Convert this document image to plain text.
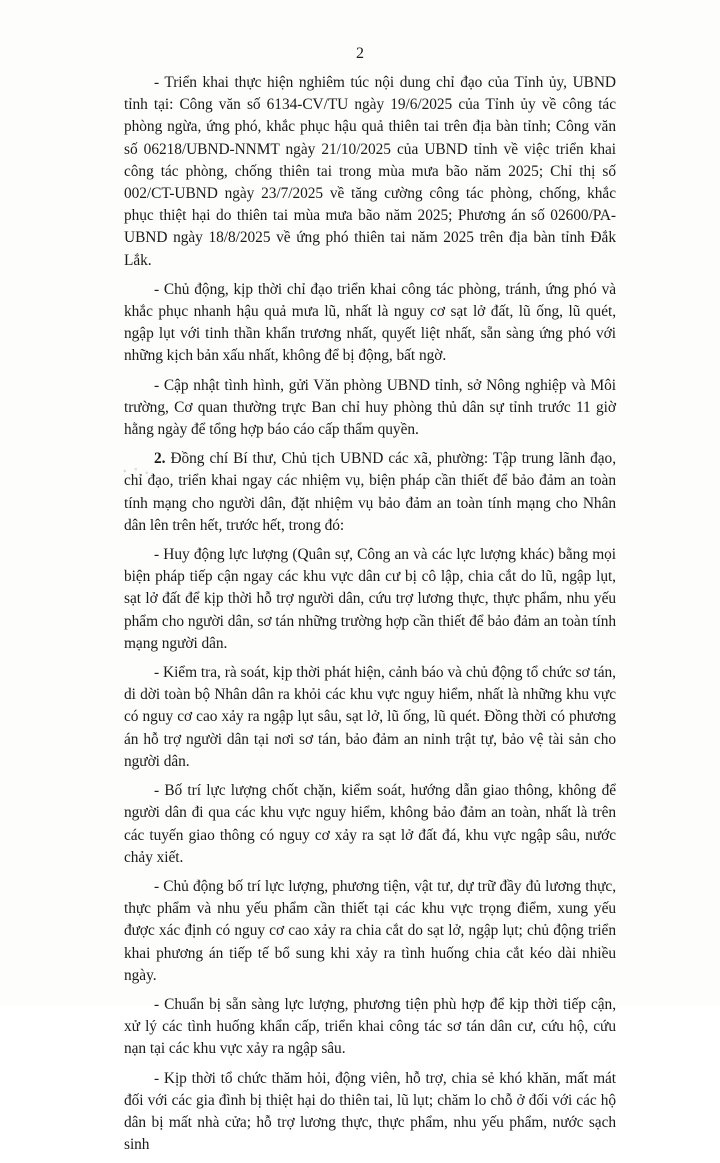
2

- Triển khai thực hiện nghiêm túc nội dung chỉ đạo của Tỉnh ủy, UBND tỉnh tại: Công văn số 6134-CV/TU ngày 19/6/2025 của Tỉnh ủy về công tác phòng ngừa, ứng phó, khắc phục hậu quả thiên tai trên địa bàn tỉnh; Công văn số 06218/UBND-NNMT ngày 21/10/2025 của UBND tỉnh về việc triển khai công tác phòng, chống thiên tai trong mùa mưa bão năm 2025; Chỉ thị số 002/CT-UBND ngày 23/7/2025 về tăng cường công tác phòng, chống, khắc phục thiệt hại do thiên tai mùa mưa bão năm 2025; Phương án số 02600/PA-UBND ngày 18/8/2025 về ứng phó thiên tai năm 2025 trên địa bàn tỉnh Đắk Lắk.

- Chủ động, kịp thời chỉ đạo triển khai công tác phòng, tránh, ứng phó và khắc phục nhanh hậu quả mưa lũ, nhất là nguy cơ sạt lở đất, lũ ống, lũ quét, ngập lụt với tinh thần khẩn trương nhất, quyết liệt nhất, sẵn sàng ứng phó với những kịch bản xấu nhất, không để bị động, bất ngờ.

- Cập nhật tình hình, gửi Văn phòng UBND tỉnh, sở Nông nghiệp và Môi trường, Cơ quan thường trực Ban chỉ huy phòng thủ dân sự tỉnh trước 11 giờ hằng ngày để tổng hợp báo cáo cấp thẩm quyền.

2. Đồng chí Bí thư, Chủ tịch UBND các xã, phường: Tập trung lãnh đạo, chỉ đạo, triển khai ngay các nhiệm vụ, biện pháp cần thiết để bảo đảm an toàn tính mạng cho người dân, đặt nhiệm vụ bảo đảm an toàn tính mạng cho Nhân dân lên trên hết, trước hết, trong đó:

- Huy động lực lượng (Quân sự, Công an và các lực lượng khác) bằng mọi biện pháp tiếp cận ngay các khu vực dân cư bị cô lập, chia cắt do lũ, ngập lụt, sạt lở đất để kịp thời hỗ trợ người dân, cứu trợ lương thực, thực phẩm, nhu yếu phẩm cho người dân, sơ tán những trường hợp cần thiết để bảo đảm an toàn tính mạng người dân.

- Kiểm tra, rà soát, kịp thời phát hiện, cảnh báo và chủ động tổ chức sơ tán, di dời toàn bộ Nhân dân ra khỏi các khu vực nguy hiểm, nhất là những khu vực có nguy cơ cao xảy ra ngập lụt sâu, sạt lở, lũ ống, lũ quét. Đồng thời có phương án hỗ trợ người dân tại nơi sơ tán, bảo đảm an ninh trật tự, bảo vệ tài sản cho người dân.

- Bố trí lực lượng chốt chặn, kiểm soát, hướng dẫn giao thông, không để người dân đi qua các khu vực nguy hiểm, không bảo đảm an toàn, nhất là trên các tuyến giao thông có nguy cơ xảy ra sạt lở đất đá, khu vực ngập sâu, nước chảy xiết.

- Chủ động bố trí lực lượng, phương tiện, vật tư, dự trữ đầy đủ lương thực, thực phẩm và nhu yếu phẩm cần thiết tại các khu vực trọng điểm, xung yếu được xác định có nguy cơ cao xảy ra chia cắt do sạt lở, ngập lụt; chủ động triển khai phương án tiếp tế bổ sung khi xảy ra tình huống chia cắt kéo dài nhiều ngày.

- Chuẩn bị sẵn sàng lực lượng, phương tiện phù hợp để kịp thời tiếp cận, xử lý các tình huống khẩn cấp, triển khai công tác sơ tán dân cư, cứu hộ, cứu nạn tại các khu vực xảy ra ngập sâu.

- Kịp thời tổ chức thăm hỏi, động viên, hỗ trợ, chia sẻ khó khăn, mất mát đối với các gia đình bị thiệt hại do thiên tai, lũ lụt; chăm lo chỗ ở đối với các hộ dân bị mất nhà cửa; hỗ trợ lương thực, thực phẩm, nhu yếu phẩm, nước sạch sinh
